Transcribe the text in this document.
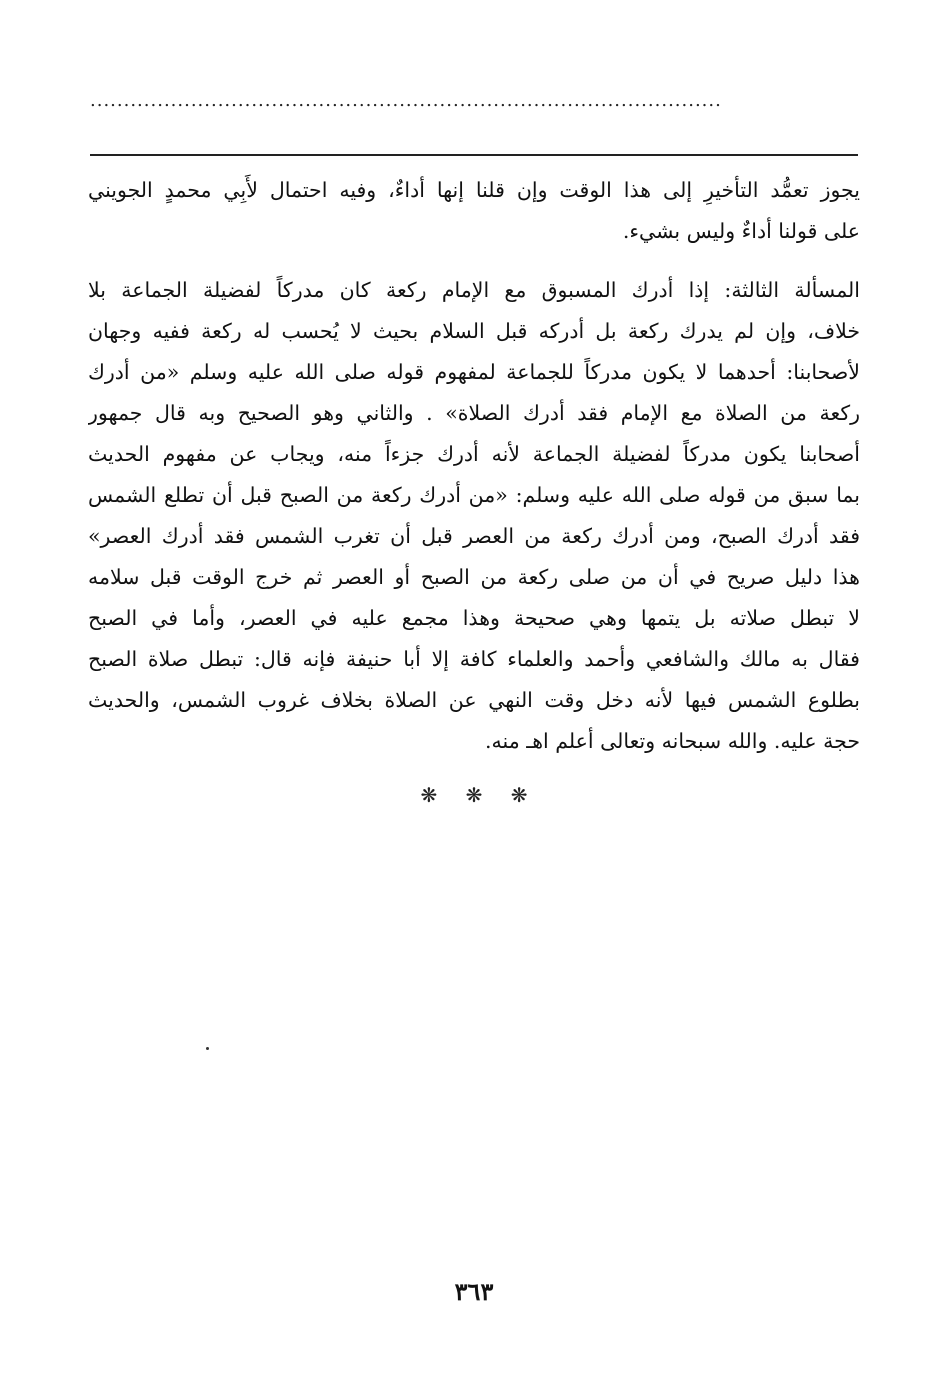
..............................................................................................
يجوز تعمُّد التأخيرِ إلى هذا الوقت وإن قلنا إنها أداءٌ، وفيه احتمال لأَبِي محمدٍ الجويني
على قولنا أداءٌ وليس بشيء.
المسألة الثالثة: إذا أدرك المسبوق مع الإمام ركعة كان مدركاً لفضيلة الجماعة بلا
خلاف، وإن لم يدرك ركعة بل أدركه قبل السلام بحيث لا يُحسب له ركعة ففيه وجهان
لأصحابنا: أحدهما لا يكون مدركاً للجماعة لمفهوم قوله صلى الله عليه وسلم «من أدرك
ركعة من الصلاة مع الإمام فقد أدرك الصلاة» . والثاني وهو الصحيح وبه قال جمهور
أصحابنا يكون مدركاً لفضيلة الجماعة لأنه أدرك جزءاً منه، ويجاب عن مفهوم الحديث
بما سبق من قوله صلى الله عليه وسلم: «من أدرك ركعة من الصبح قبل أن تطلع الشمس
فقد أدرك الصبح، ومن أدرك ركعة من العصر قبل أن تغرب الشمس فقد أدرك العصر»
هذا دليل صريح في أن من صلى ركعة من الصبح أو العصر ثم خرج الوقت قبل سلامه
لا تبطل صلاته بل يتمها وهي صحيحة وهذا مجمع عليه في العصر، وأما في الصبح
فقال به مالك والشافعي وأحمد والعلماء كافة إلا أبا حنيفة فإنه قال: تبطل صلاة الصبح
بطلوع الشمس فيها لأنه دخل وقت النهي عن الصلاة بخلاف غروب الشمس، والحديث
حجة عليه. والله سبحانه وتعالى أعلم اهـ منه.
❋ ❋ ❋
٣٦٣
